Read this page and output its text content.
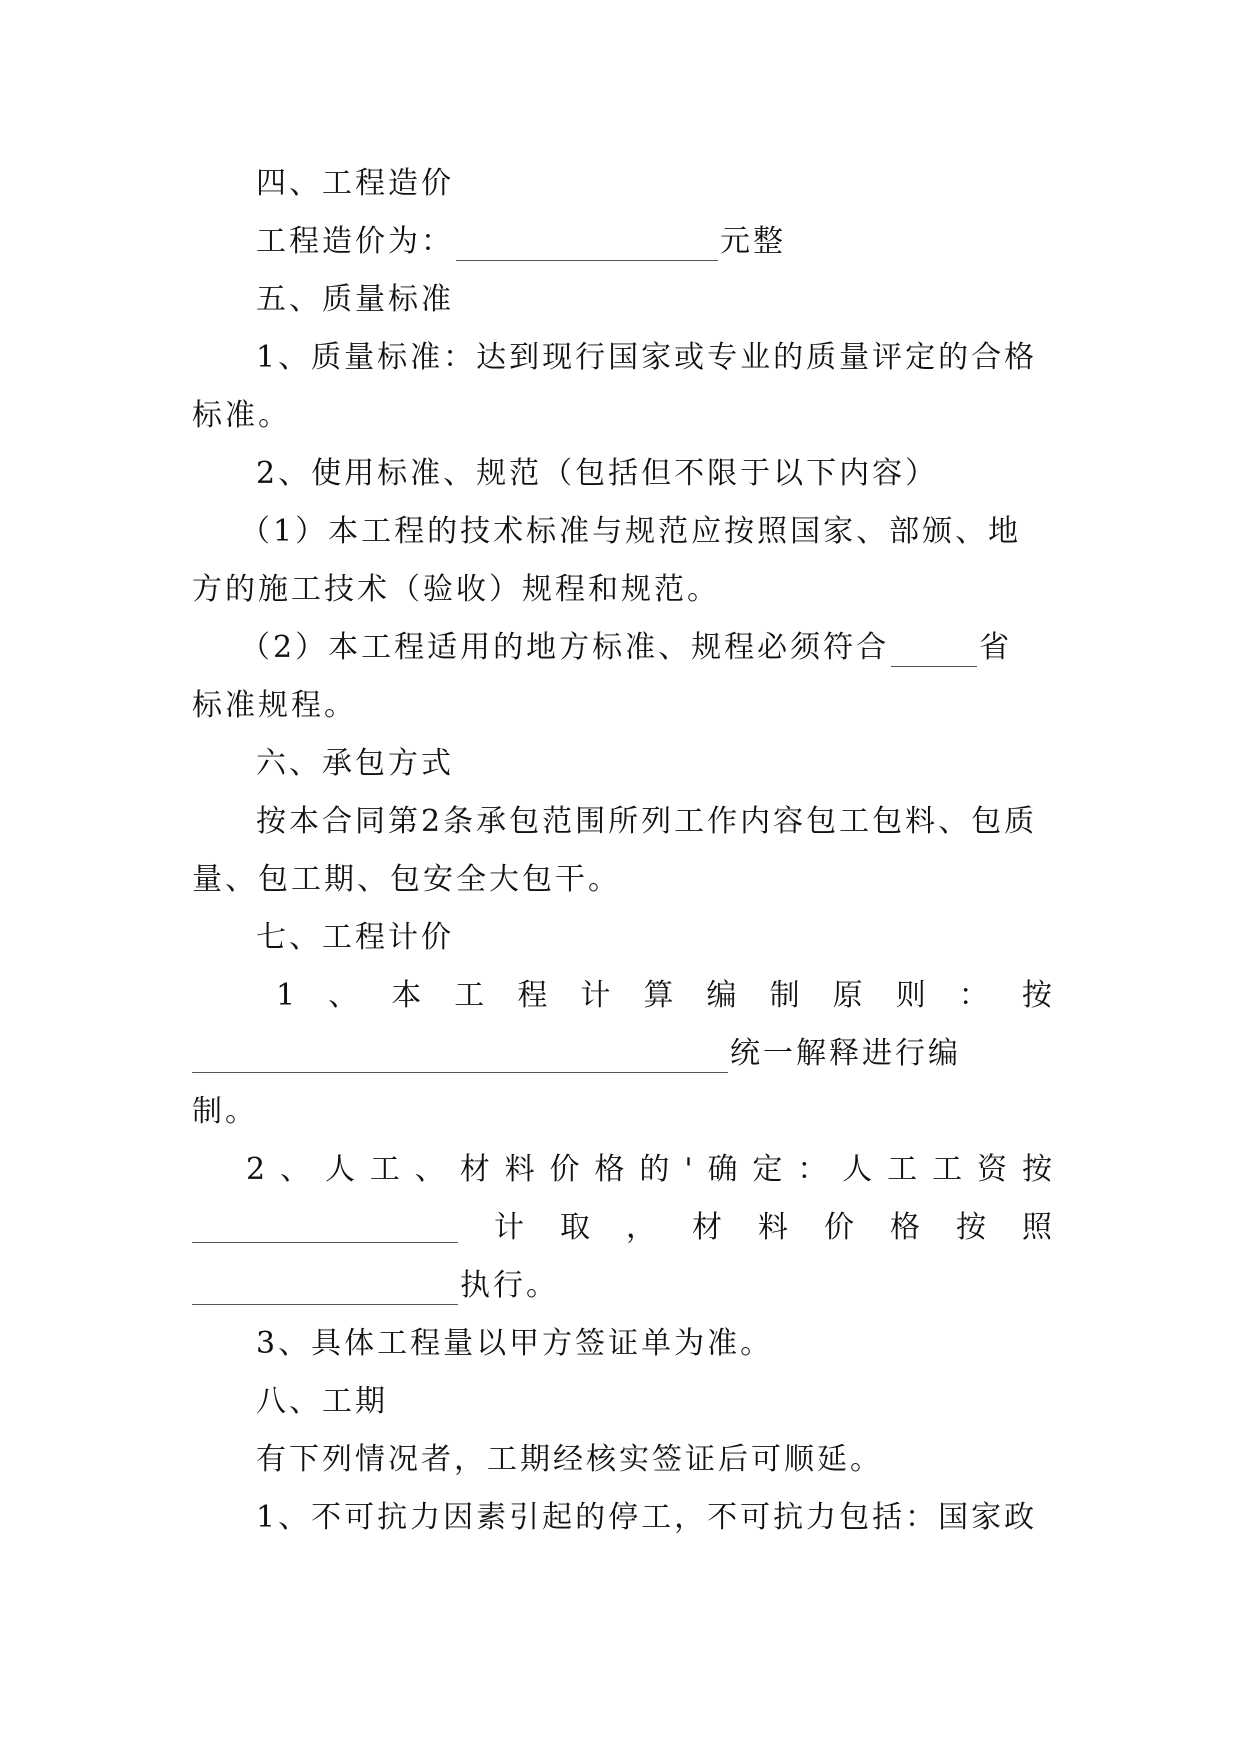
四、工程造价
工程造价为：	元整
五、质量标准
1、质量标准：达到现行国家或专业的质量评定的合格
标准。
2、使用标准、规范（包括但不限于以下内容）
（1）本工程的技术标准与规范应按照国家、部颁、地
方的施工技术（验收）规程和规范。
（2）本工程适用的地方标准、规程必须符合	省
标准规程。
六、承包方式
按本合同第2条承包范围所列工作内容包工包料、包质
量、包工期、包安全大包干。
七、工程计价
1 、 本 工 程 计 算 编 制 原 则 ： 按
统一解释进行编
制。
2 、 人 工 、 材 料 价 格 的 ' 确 定 ： 人 工 工 资 按
计 取 ， 材 料 价 格 按 照
执行。
3、具体工程量以甲方签证单为准。
八、工期
有下列情况者，工期经核实签证后可顺延。
1、不可抗力因素引起的停工，不可抗力包括：国家政
